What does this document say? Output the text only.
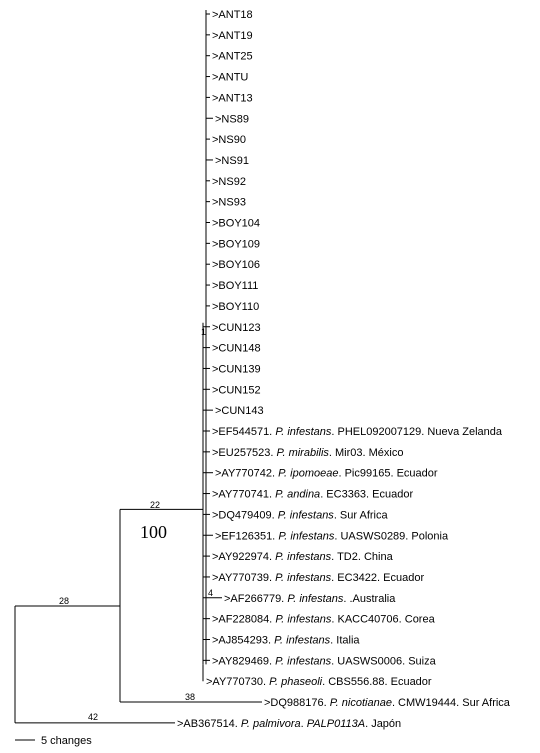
>ANT18
>ANT19
>ANT25
>ANTU
>ANT13
>NS89
>NS90
>NS91
>NS92
>NS93
>BOY104
>BOY109
>BOY106
>BOY111
>BOY110
>CUN123
>CUN148
>CUN139
>CUN152
>CUN143
>EF544571. P. infestans. PHEL092007129. Nueva Zelanda
>EU257523. P. mirabilis. Mir03. México
>AY770742. P. ipomoeae. Pic99165. Ecuador
>AY770741. P. andina. EC3363. Ecuador
>DQ479409. P. infestans. Sur Africa
>EF126351. P. infestans. UASWS0289. Polonia
>AY922974. P. infestans. TD2. China
>AY770739. P. infestans. EC3422. Ecuador
>AF266779. P. infestans. .Australia
>AF228084. P. infestans. KACC40706. Corea
>AJ854293. P. infestans. Italia
>AY829469. P. infestans. UASWS0006. Suiza
>AY770730. P. phaseoli. CBS556.88. Ecuador
>DQ988176. P. nicotianae. CMW19444. Sur Africa
>AB367514. P. palmivora. PALP0113A. Japón
1
22
100
4
28
38
42
5 changes
